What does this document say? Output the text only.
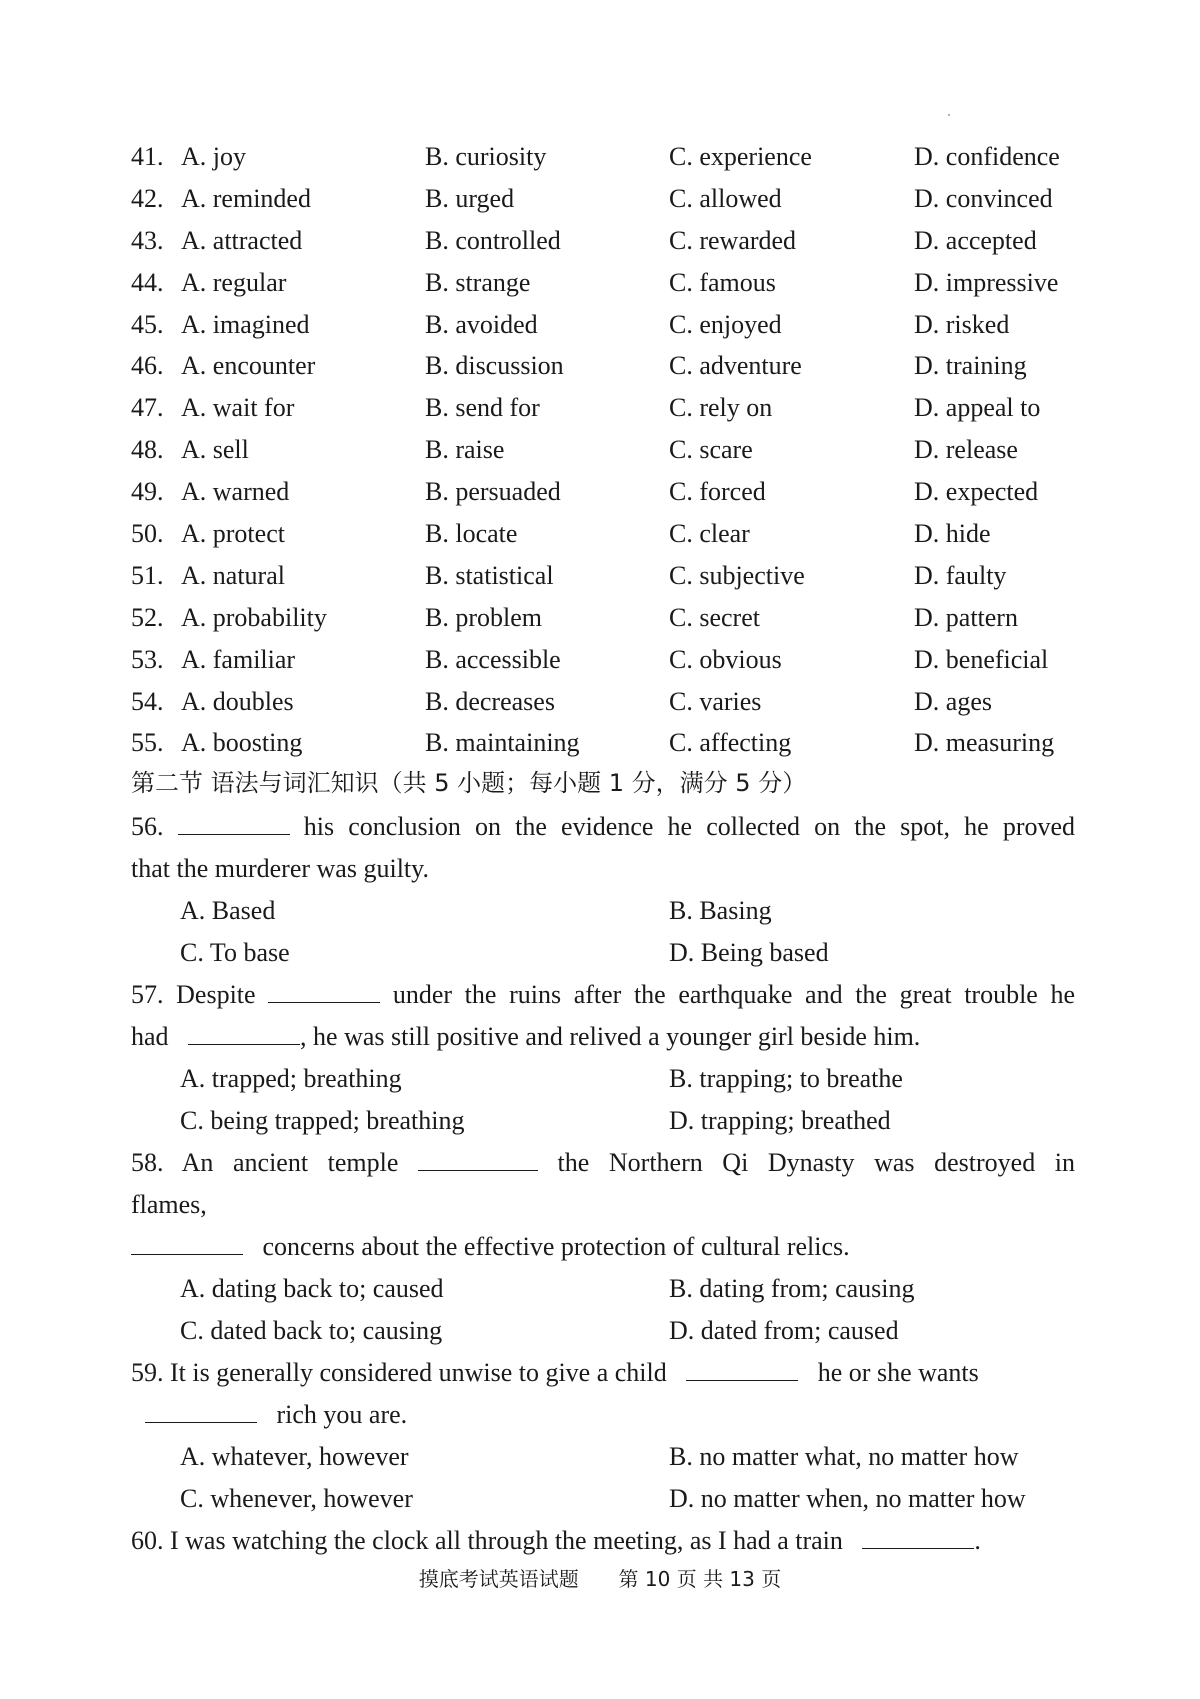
41. A. joy	B. curiosity	C. experience	D. confidence
42. A. reminded	B. urged	C. allowed	D. convinced
43. A. attracted	B. controlled	C. rewarded	D. accepted
44. A. regular	B. strange	C. famous	D. impressive
45. A. imagined	B. avoided	C. enjoyed	D. risked
46. A. encounter	B. discussion	C. adventure	D. training
47. A. wait for	B. send for	C. rely on	D. appeal to
48. A. sell	B. raise	C. scare	D. release
49. A. warned	B. persuaded	C. forced	D. expected
50. A. protect	B. locate	C. clear	D. hide
51. A. natural	B. statistical	C. subjective	D. faulty
52. A. probability	B. problem	C. secret	D. pattern
53. A. familiar	B. accessible	C. obvious	D. beneficial
54. A. doubles	B. decreases	C. varies	D. ages
55. A. boosting	B. maintaining	C. affecting	D. measuring
第二节 语法与词汇知识（共 5 小题；每小题 1 分，满分 5 分）
56.	his conclusion on the evidence he collected on the spot, he proved
that the murderer was guilty.
A. Based	B. Basing
C. To base	D. Being based
57. Despite	under the ruins after the earthquake and the great trouble he
had	, he was still positive and relived a younger girl beside him.
A. trapped; breathing	B. trapping; to breathe
C. being trapped; breathing	D. trapping; breathed
58. An ancient temple	the Northern Qi Dynasty was destroyed in
flames,
concerns about the effective protection of cultural relics.
A. dating back to; caused	B. dating from; causing
C. dated back to; causing	D. dated from; caused
59. It is generally considered unwise to give a child	he or she wants
rich you are.
A. whatever, however	B. no matter what, no matter how
C. whenever, however	D. no matter when, no matter how
60. I was watching the clock all through the meeting, as I had a train	.
摸底考试英语试题 第 10 页 共 13 页
